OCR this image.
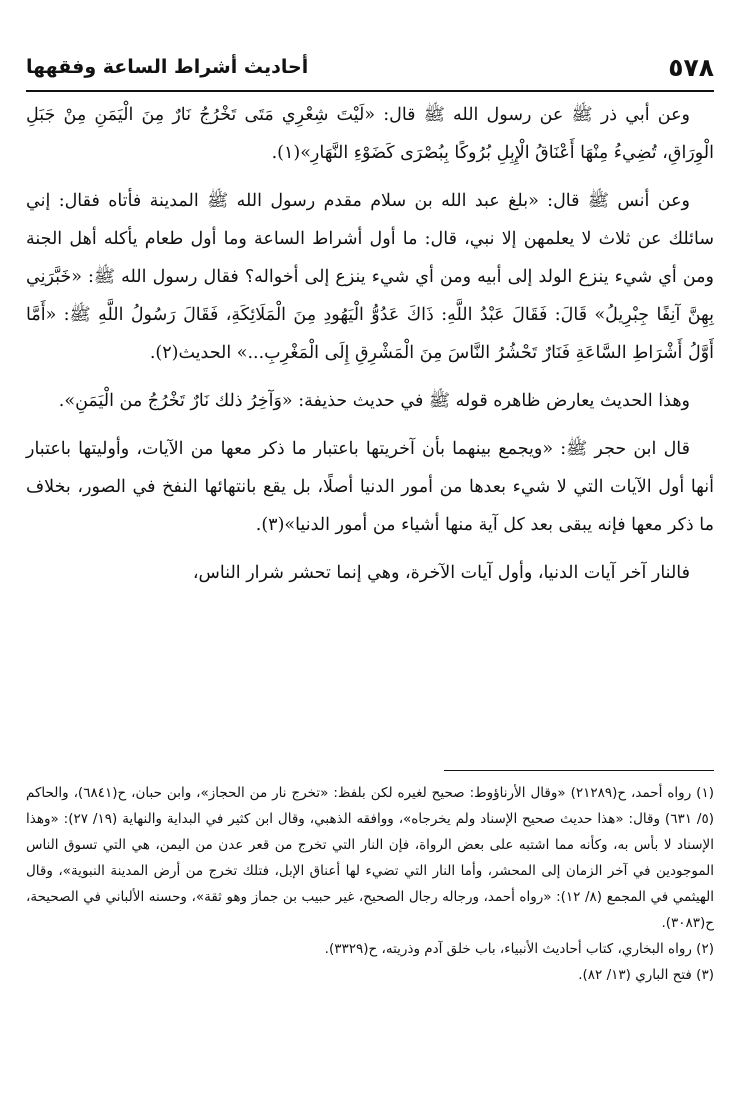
٥٧٨
أحاديث أشراط الساعة وفقهها

وعن أبي ذر ﷺ عن رسول الله ﷺ قال: «لَيْتَ شِعْرِي مَتَى تَخْرُجُ نَارٌ مِنَ الْيَمَنِ مِنْ جَبَلِ الْوِرَاقِ، تُضِيءُ مِنْهَا أَعْنَاقُ الْإِبِلِ بُرُوكًا بِبُصْرَى كَضَوْءِ النَّهَارِ»(١).

وعن أنس ﷺ قال: «بلغ عبد الله بن سلام مقدم رسول الله ﷺ المدينة فأتاه فقال: إني سائلك عن ثلاث لا يعلمهن إلا نبي، قال: ما أول أشراط الساعة وما أول طعام يأكله أهل الجنة ومن أي شيء ينزع الولد إلى أبيه ومن أي شيء ينزع إلى أخواله؟ فقال رسول الله ﷺ: «خَبَّرَنِي بِهِنَّ آنِفًا جِبْرِيلُ» قَالَ: فَقَالَ عَبْدُ اللَّهِ: ذَاكَ عَدُوُّ الْيَهُودِ مِنَ الْمَلَائِكَةِ، فَقَالَ رَسُولُ اللَّهِ ﷺ: «أَمَّا أَوَّلُ أَشْرَاطِ السَّاعَةِ فَنَارٌ تَحْشُرُ النَّاسَ مِنَ الْمَشْرِقِ إِلَى الْمَغْرِبِ...» الحديث(٢).

وهذا الحديث يعارض ظاهره قوله ﷺ في حديث حذيفة: «وَآخِرُ ذلك نَارٌ تَخْرُجُ من الْيَمَنِ».

قال ابن حجر ﷺ: «ويجمع بينهما بأن آخريتها باعتبار ما ذكر معها من الآيات، وأوليتها باعتبار أنها أول الآيات التي لا شيء بعدها من أمور الدنيا أصلًا، بل يقع بانتهائها النفخ في الصور، بخلاف ما ذكر معها فإنه يبقى بعد كل آية منها أشياء من أمور الدنيا»(٣).

فالنار آخر آيات الدنيا، وأول آيات الآخرة، وهي إنما تحشر شرار الناس،

(١) رواه أحمد، ح(٢١٢٨٩) «وقال الأرناؤوط: صحيح لغيره لكن بلفظ: «تخرج نار من الحجاز»، وابن حبان، ح(٦٨٤١)، والحاكم (٥/ ٦٣١) وقال: «هذا حديث صحيح الإسناد ولم يخرجاه»، ووافقه الذهبي، وقال ابن كثير في البداية والنهاية (١٩/ ٢٧): «وهذا الإسناد لا بأس به، وكأنه مما اشتبه على بعض الرواة، فإن النار التي تخرج من قعر عدن من اليمن، هي التي تسوق الناس الموجودين في آخر الزمان إلى المحشر، وأما النار التي تضيء لها أعناق الإبل، فتلك تخرج من أرض المدينة النبوية»، وقال الهيثمي في المجمع (٨/ ١٢): «رواه أحمد، ورجاله رجال الصحيح، غير حبيب بن جماز وهو ثقة»، وحسنه الألباني في الصحيحة، ح(٣٠٨٣).
(٢) رواه البخاري، كتاب أحاديث الأنبياء، باب خلق آدم وذريته، ح(٣٣٢٩).
(٣) فتح الباري (١٣/ ٨٢).
